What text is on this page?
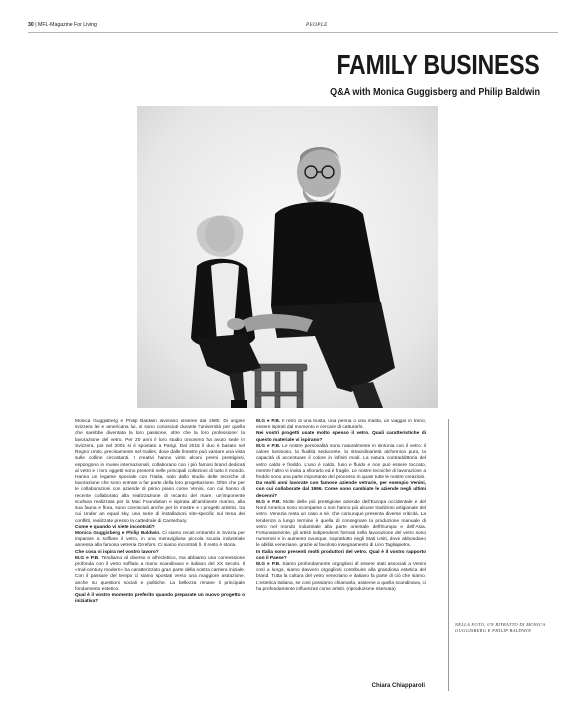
30 | MFL-Magazine For Living	PEOPLE
FAMILY BUSINESS
Q&A with Monica Guggisberg and Philip Baldwin
NELLA FOTO, UN RITRATTO DI MONICA GUGGISBERG E PHILIP BALDWIN

Monica Guggisberg e Philip Baldwin lavorano insieme dal 1980. Di origine svizzera lei e americana lui, si sono conosciuti durante l’università per quella che sarebbe diventata la loro passione, oltre che la loro professione: la lavorazione del vetro. Per 20 anni il loro studio omonimo ha avuto sede in Svizzera, poi nel 2001 si è spostato a Parigi. Dal 2015 il duo è basato nel Regno Unito, precisamente nel Galles, dove dalle finestre può vantare una vista sulle colline circostanti. I creativi hanno vinto alcuni premi prestigiosi, espongono in musei internazionali, collaborano con i più famosi brand dedicati al vetro e i loro oggetti sono presenti nelle principali collezioni di tutto il mondo. Hanno un legame speciale con l’Italia, nato dallo studio delle tecniche di lavorazione che sono entrate a far parte della loro progettazione. Oltre che per le collaborazioni con aziende di primo piano come Venini, con cui hanno di recente collaborato alla realizzazione di Incanto del mare, un’imponente scultura realizzata per la Mac Foundation e ispirata all’ambiente marino, alla sua fauna e flora, sono conosciuti anche per le mostre e i progetti artistici, tra cui Under an equal sky, una serie di installazioni site-specific sul tema dei conflitti, realizzate presso la cattedrale di Canterbury.

Come e quando vi siete incontrati?

Monica Guggisberg e Philip Baldwin. Ci siamo recati entrambi in Svezia per imparare a soffiare il vetro, in una meravigliosa piccola scuola industriale annessa alla famosa vetreria Orrefors. Ci siamo incontrati lì. Il resto è storia.

Che cosa vi ispira nel vostro lavoro?

M.G e P.B. Tendiamo al diverso e all’eclettico, ma abbiamo una connessione profonda con il vetro soffiato a mano scandinavo e italiano del XX secolo. Il «mid-century modern» ha caratterizzato gran parte della nostra carriera iniziale. Con il passare del tempo ci siamo spostati verso una maggiore astrazione, anche su questioni sociali e politiche. La bellezza rimane il principale fondamento estetico.

Qual è il vostro momento preferito quando preparate un nuovo progetto o iniziativa?

M.G e P.B. Il retro di una busta, una penna o una matita, un viaggio in treno, essere ispirati dal momento e cercare di catturarlo.

Nei vostri progetti usate molto spesso il vetro. Quali caratteristiche di questo materiale vi ispirano?

M.G e P.B. Le nostre personalità sono naturalmente in sintonia con il vetro: il calore luminoso, la fluidità seducente, la straordinarietà alchemica pura, la capacità di accentuare il colore in infiniti modi. La natura contraddittoria del vetro caldo e freddo. L’uno è caldo, fuso e fluido e non può essere toccato, mentre l’altro vi invita a sfiorarlo ed è fragile. Le nostre tecniche di lavorazione a freddo sono una parte importante del processo in quasi tutte le nostre creazioni.

Da molti anni lavorate con famose aziende vetrarie, per esempio Venini, con cui collaborate dal 1996. Come sono cambiate le aziende negli ultimi decenni?

M.G e P.B. Molte delle più prestigiose aziende dell’Europa occidentale e del Nord America sono scomparse o non hanno più alcune tradizioni artigianale del vetro. Venezia resta un caso a sé, che comunque presenta diverse criticità. La tendenza a lungo termine è quella di consegnare la produzione manuale di vetro nel mondo industriale alla parte orientale dell’Europa e dell’Asia. Fortunatamente, gli artisti indipendenti formati nella lavorazione del vetro sono numerosi e in aumento ovunque, soprattutto negli Stati Uniti, dove abbondano le abilità veneziane, grazie al favoloso insegnamento di Lino Tagliapietra.

In Italia sono presenti molti produttori del vetro. Qual è il vostro rapporto con il Paese?

M.G e P.B. Siamo profondamente orgogliosi di essere stati associati a Venini così a lungo, siamo davvero orgogliosi contribuire alla grandiosa estetica del brand. Tutta la cultura del vetro veneziano e italiano fa parte di ciò che siamo. L’estetica italiana, se così possiamo chiamarla, assieme a quella scandinava, ci ha profondamente influenzati come artisti. (riproduzione riservata)

Chiara Chiapparoli
